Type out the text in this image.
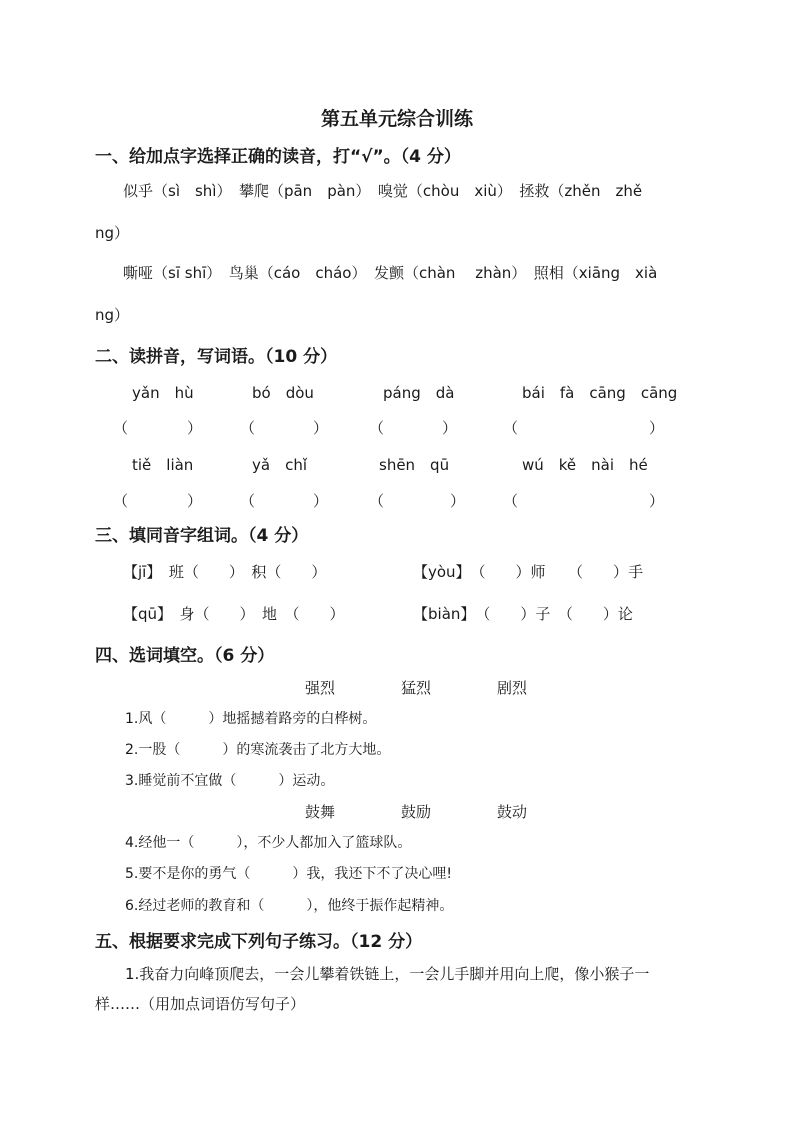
第五单元综合训练
一、给加点字选择正确的读音，打“√”。（4 分）
似乎（sì　shì）　攀爬（pān　pàn）　嗅觉（chòu　xiù）　拯救（zhěn　zhě
ng）
嘶哑（sī shī）　鸟巢（cáo　cháo）　发颤（chàn　 zhàn）　照相（xiāng　xià
ng）
二、读拼音，写词语。（10 分）
yǎn　hù	bó　dòu	páng　dà	bái　fà　cāng　cāng
（	）	（	）	（	）	（	）
tiě　liàn	yǎ　chǐ	shēn　qū	wú　kě　nài　hé
（	）	（	）	（	）	（	）
三、填同音字组词。（4 分）
【jī】　班（　　）　积（　　）	【yòu】　（　　）师　　（　　）手
【qū】　身（　　）　地　（　　）	【biàn】　（　　）子　（　　）论
四、选词填空。（6 分）
强烈	猛烈	剧烈
1.风（　　　）地摇撼着路旁的白桦树。
2.一股（　　　）的寒流袭击了北方大地。
3.睡觉前不宜做（　　　）运动。
鼓舞	鼓励	鼓动
4.经他一（　　　），不少人都加入了篮球队。
5.要不是你的勇气（　　　）我，我还下不了决心哩!
6.经过老师的教育和（　　　），他终于振作起精神。
五、根据要求完成下列句子练习。（12 分）
1.我奋力向峰顶爬去，一会儿攀着铁链上，一会儿手脚并用向上爬，像小猴子一
样……（用加点词语仿写句子）
